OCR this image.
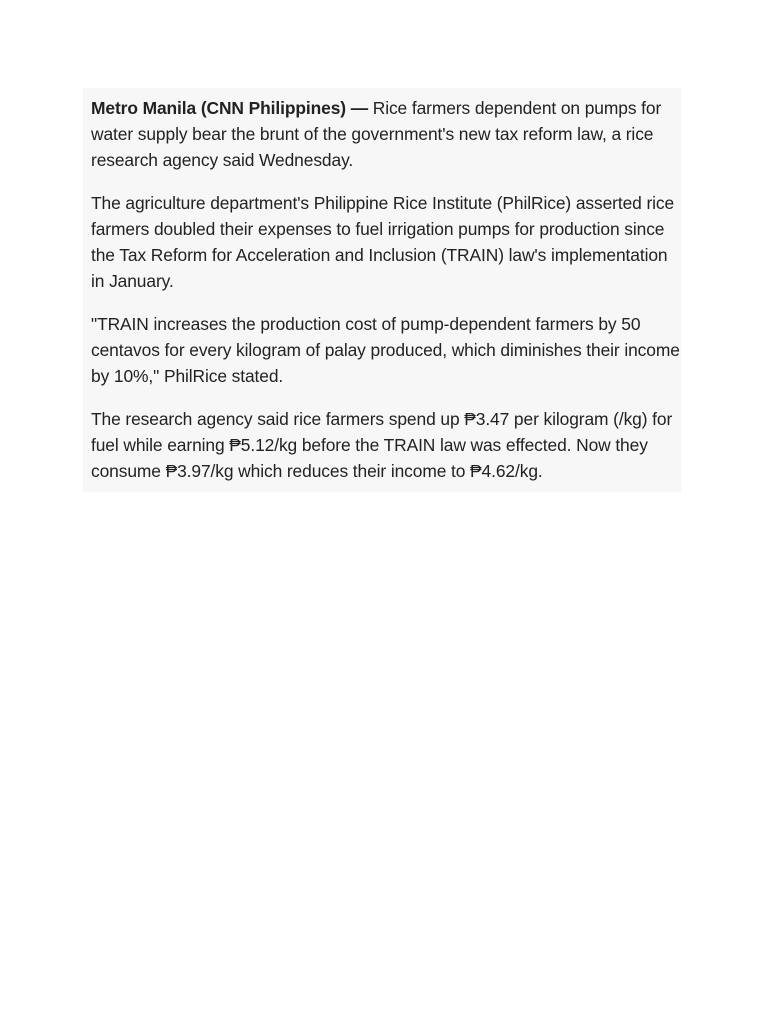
Metro Manila (CNN Philippines) — Rice farmers dependent on pumps for water supply bear the brunt of the government's new tax reform law, a rice research agency said Wednesday.

The agriculture department's Philippine Rice Institute (PhilRice) asserted rice farmers doubled their expenses to fuel irrigation pumps for production since the Tax Reform for Acceleration and Inclusion (TRAIN) law's implementation in January.

"TRAIN increases the production cost of pump-dependent farmers by 50 centavos for every kilogram of palay produced, which diminishes their income by 10%," PhilRice stated.

The research agency said rice farmers spend up ₱3.47 per kilogram (/kg) for fuel while earning ₱5.12/kg before the TRAIN law was effected. Now they consume ₱3.97/kg which reduces their income to ₱4.62/kg.
